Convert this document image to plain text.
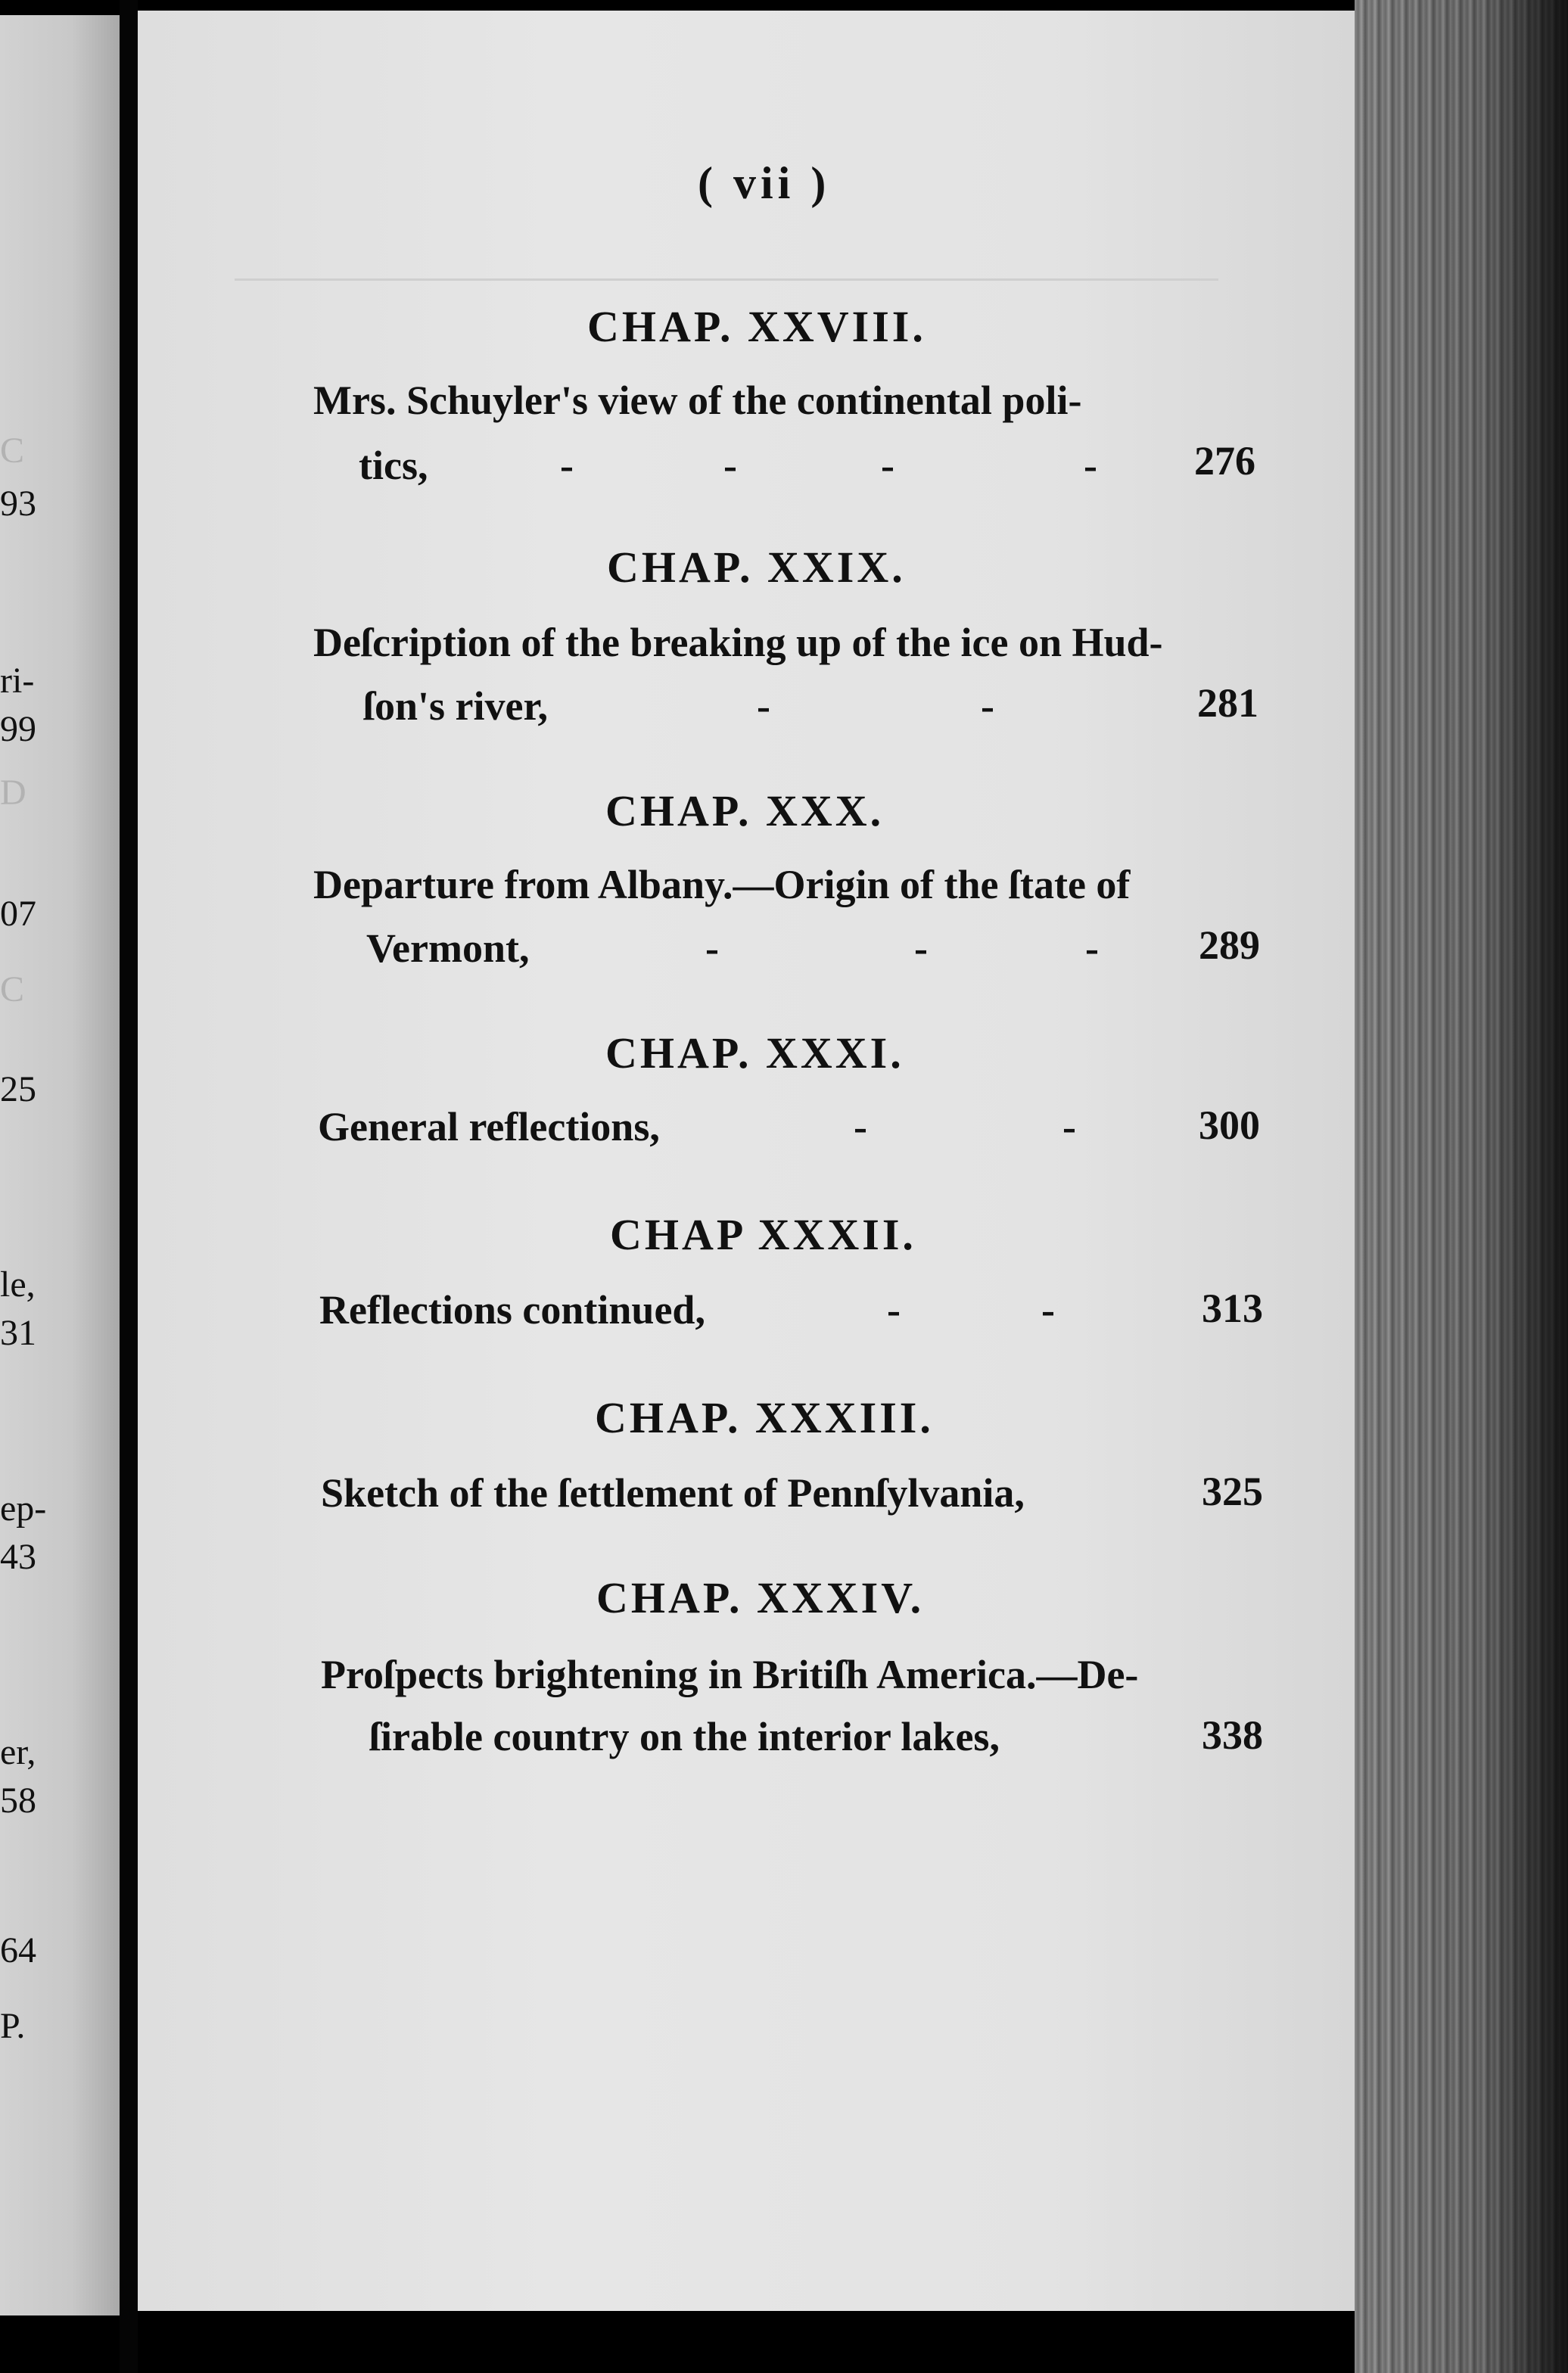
C
93
ri-
99
D
07
C
25
le,
31
ep-
43
er,
58
64
P.
( vii )
CHAP. XXVIII.
Mrs. Schuyler's view of the continental poli-
tics,	-	-	-	- 276
CHAP. XXIX.
Deſcription of the breaking up of the ice on Hud-
ſon's river,	-	-	281
CHAP. XXX.
Departure from Albany.—Origin of the ſtate of
Vermont,	-	-	- 289
CHAP. XXXI.
General reflections,	-	-	300
CHAP XXXII.
Reflections continued,	-	-	313
CHAP. XXXIII.
Sketch of the ſettlement of Pennſylvania,	325
CHAP. XXXIV.
Proſpects brightening in Britiſh America.—De-
ſirable country on the interior lakes,	338
